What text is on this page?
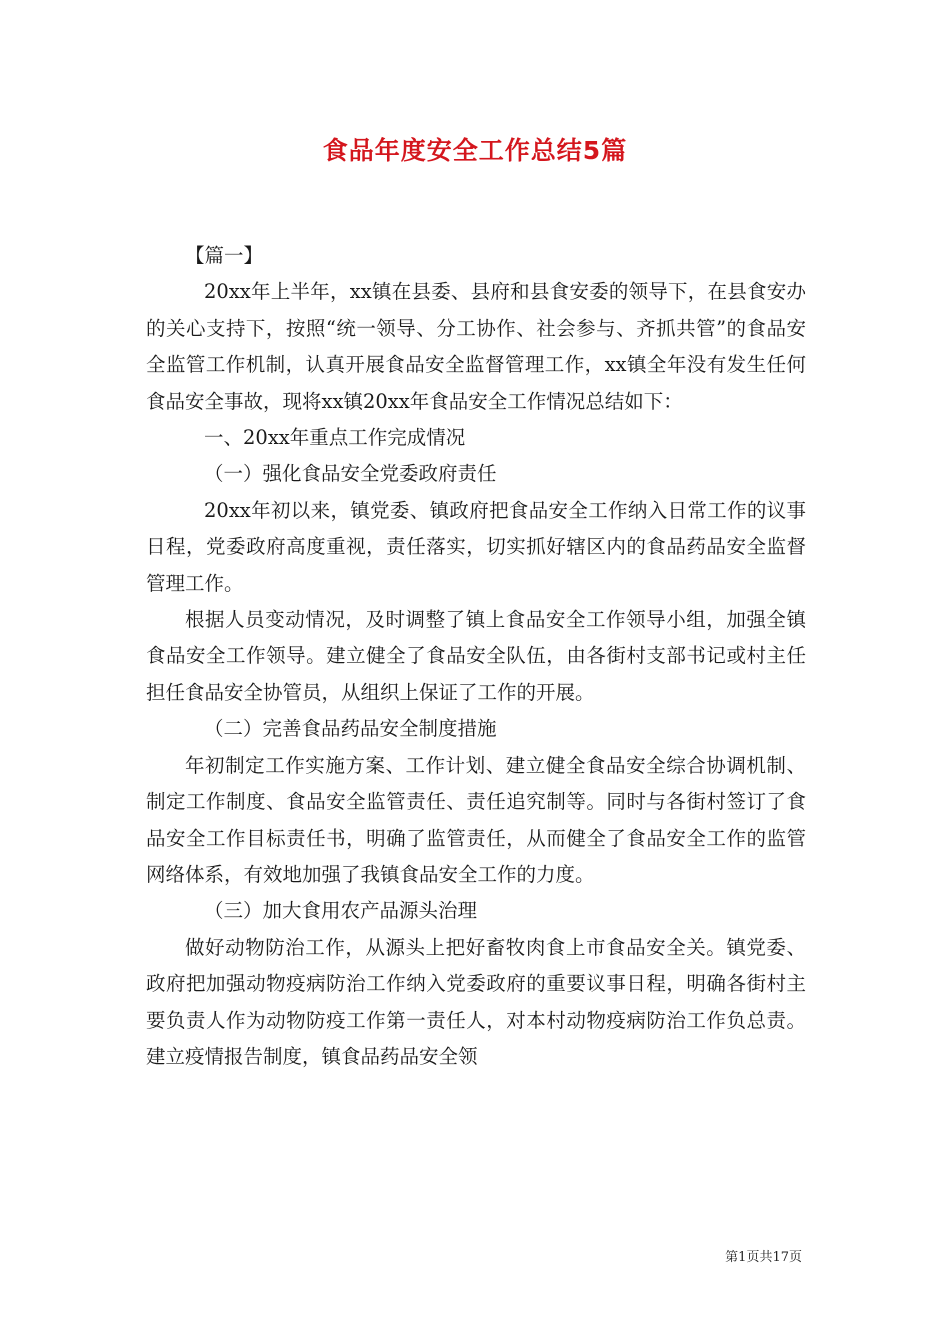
食品年度安全工作总结5篇

【篇一】

20xx年上半年，xx镇在县委、县府和县食安委的领导下，在县食安办的关心支持下，按照“统一领导、分工协作、社会参与、齐抓共管”的食品安全监管工作机制，认真开展食品安全监督管理工作，xx镇全年没有发生任何食品安全事故，现将xx镇20xx年食品安全工作情况总结如下：

一、20xx年重点工作完成情况

（一）强化食品安全党委政府责任

20xx年初以来，镇党委、镇政府把食品安全工作纳入日常工作的议事日程，党委政府高度重视，责任落实，切实抓好辖区内的食品药品安全监督管理工作。

根据人员变动情况，及时调整了镇上食品安全工作领导小组，加强全镇食品安全工作领导。建立健全了食品安全队伍，由各街村支部书记或村主任担任食品安全协管员，从组织上保证了工作的开展。

（二）完善食品药品安全制度措施

年初制定工作实施方案、工作计划、建立健全食品安全综合协调机制、制定工作制度、食品安全监管责任、责任追究制等。同时与各街村签订了食品安全工作目标责任书，明确了监管责任，从而健全了食品安全工作的监管网络体系，有效地加强了我镇食品安全工作的力度。

（三）加大食用农产品源头治理

做好动物防治工作，从源头上把好畜牧肉食上市食品安全关。镇党委、政府把加强动物疫病防治工作纳入党委政府的重要议事日程，明确各街村主要负责人作为动物防疫工作第一责任人，对本村动物疫病防治工作负总责。建立疫情报告制度，镇食品药品安全领

第1页共17页
